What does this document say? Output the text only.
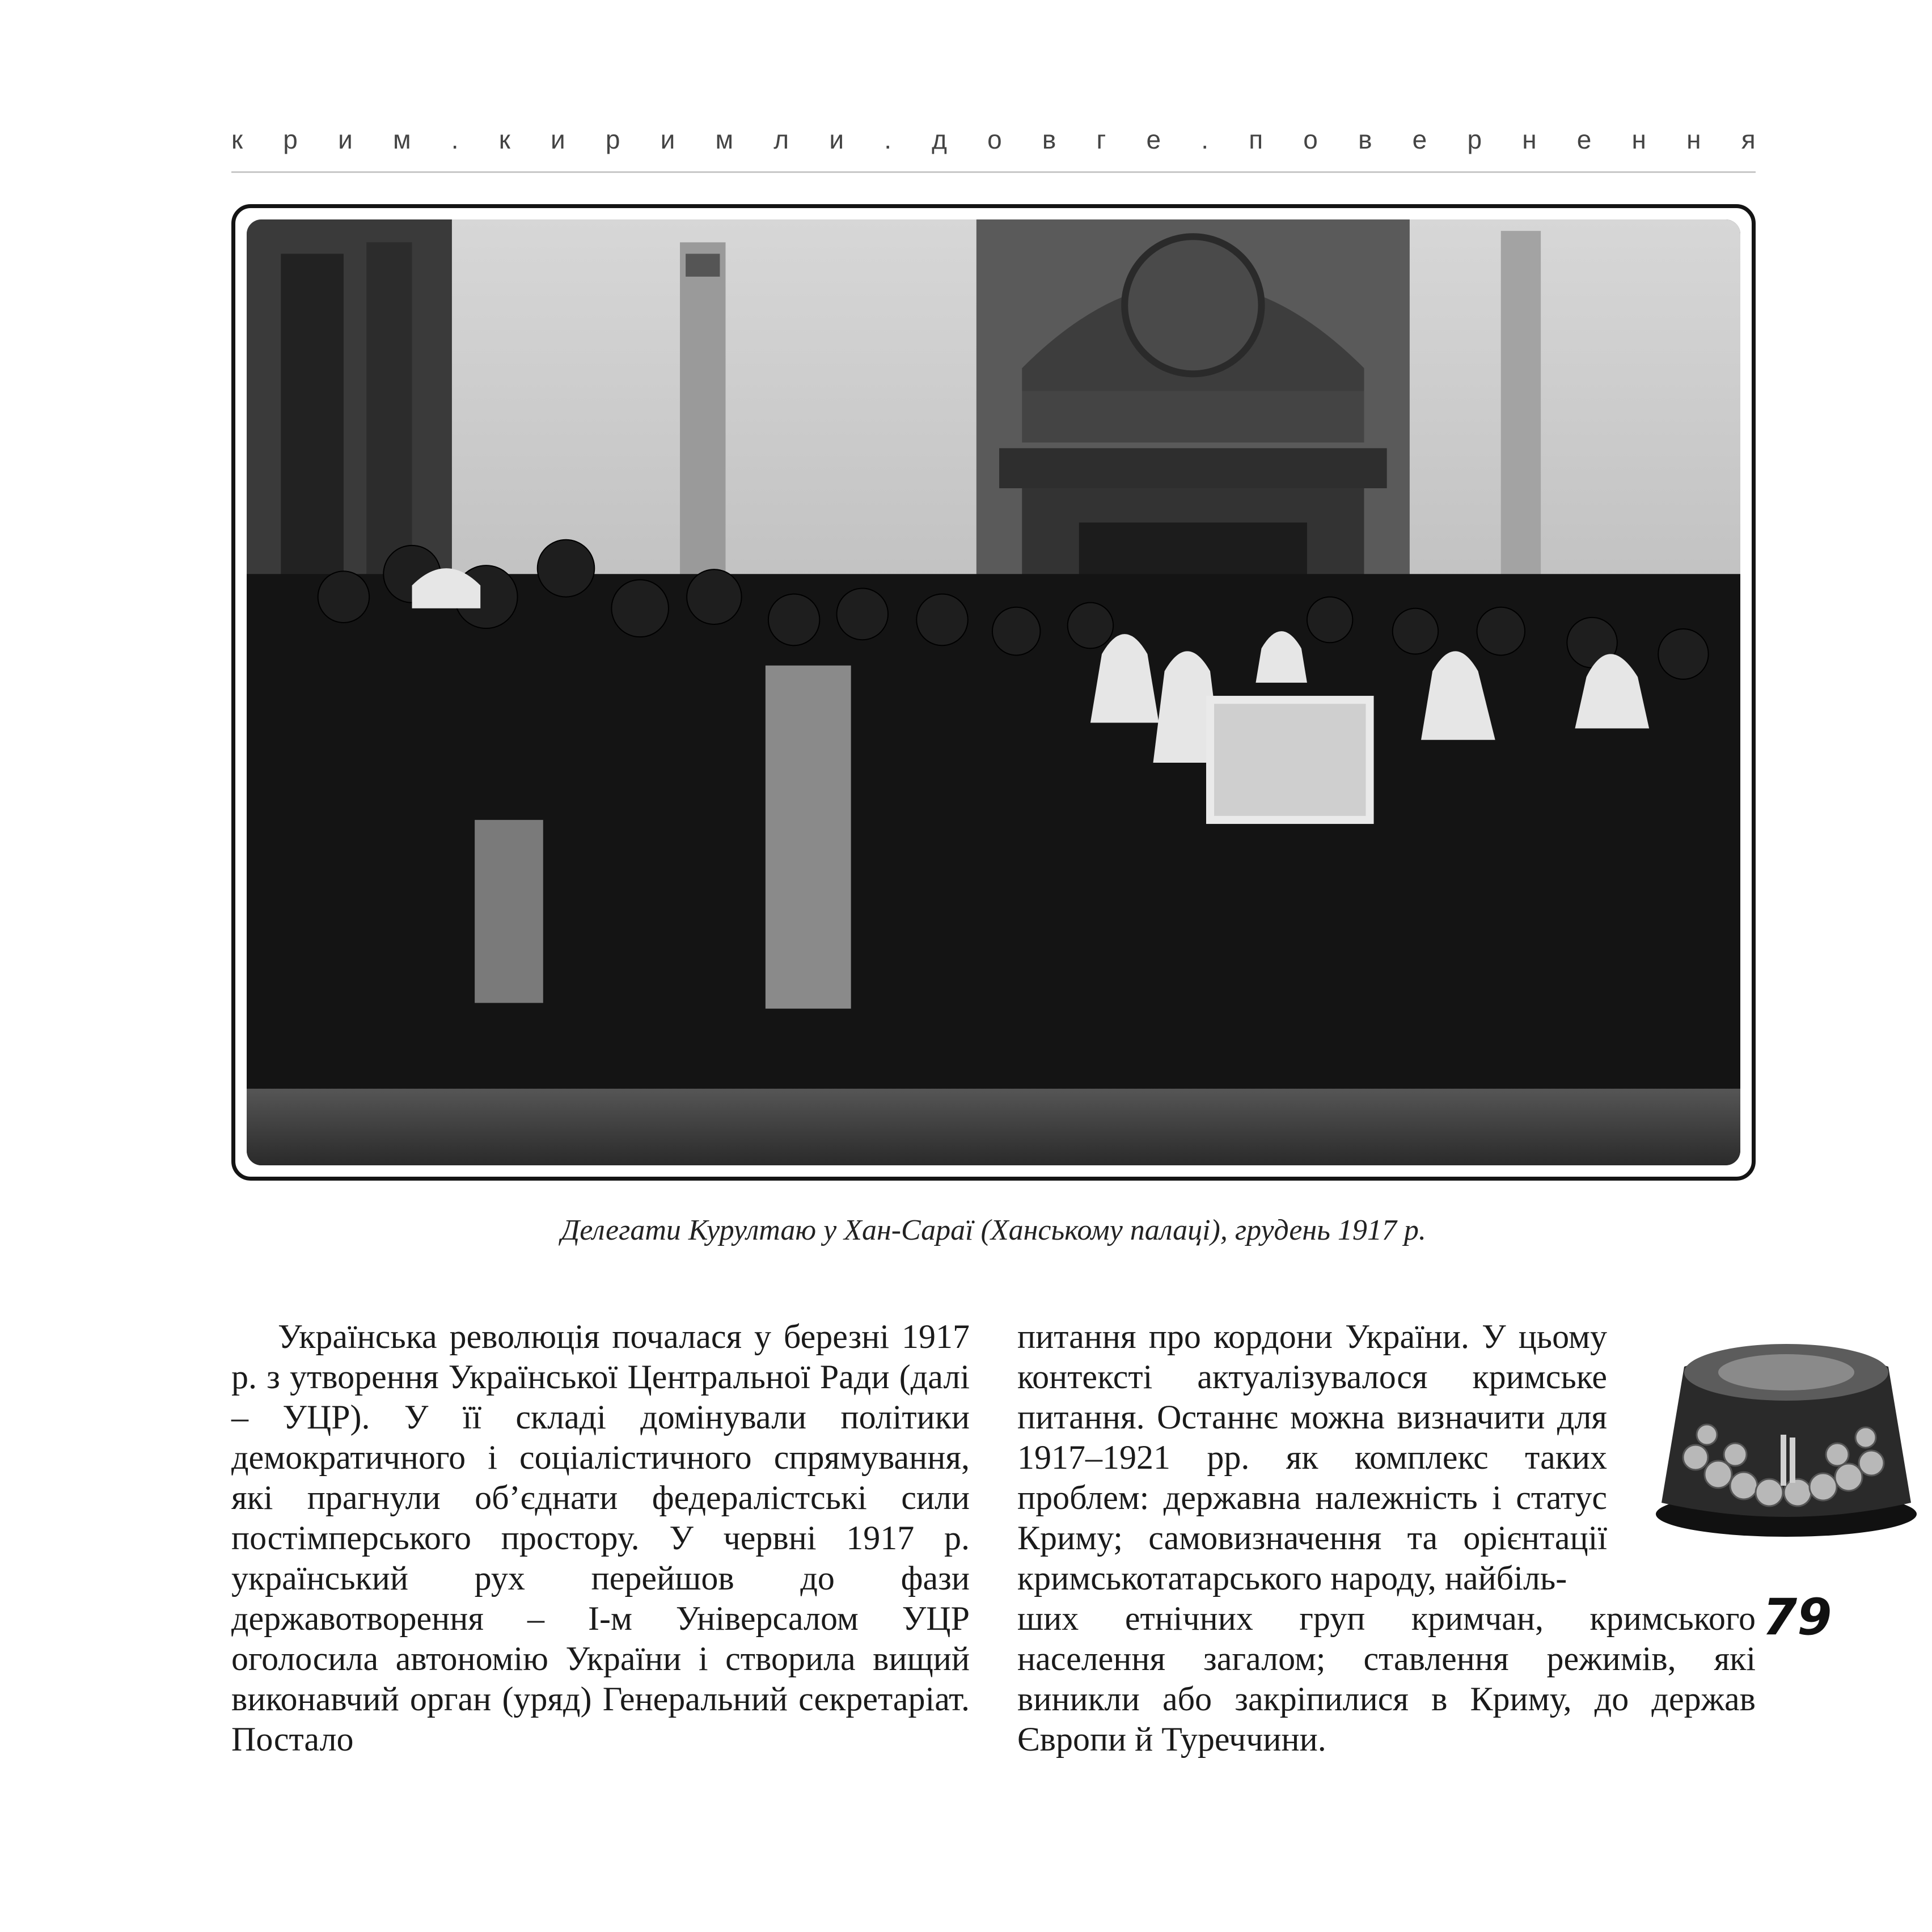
к р и м . к и р и м л и . д о в г е . п о в е р н е н н я
Делегати Курултаю у Хан-Сараї (Ханському палаці), грудень 1917 р.
Українська революція почалася у березні 1917 р. з утворення Української Центральної Ради (далі – УЦР). У її складі домінували політики демократичного і соціалістичного спрямування, які прагнули об’єднати федералістські сили постімперського простору. У червні 1917 р. український рух перейшов до фази державотворення – І-м Універсалом УЦР оголосила автономію України і створила вищий виконавчий орган (уряд) Генеральний секретаріат. Постало
питання про кордони України. У цьому контексті актуалізувалося кримське питання. Останнє можна визначити для 1917–1921 рр. як комплекс таких проблем: державна належність і статус Криму; самовизначення та орієнтації кримськотатарського народу, найбіль-
ших етнічних груп кримчан, кримського населення загалом; ставлення режимів, які виникли або закріпилися в Криму, до держав Європи й Туреччини.
79
